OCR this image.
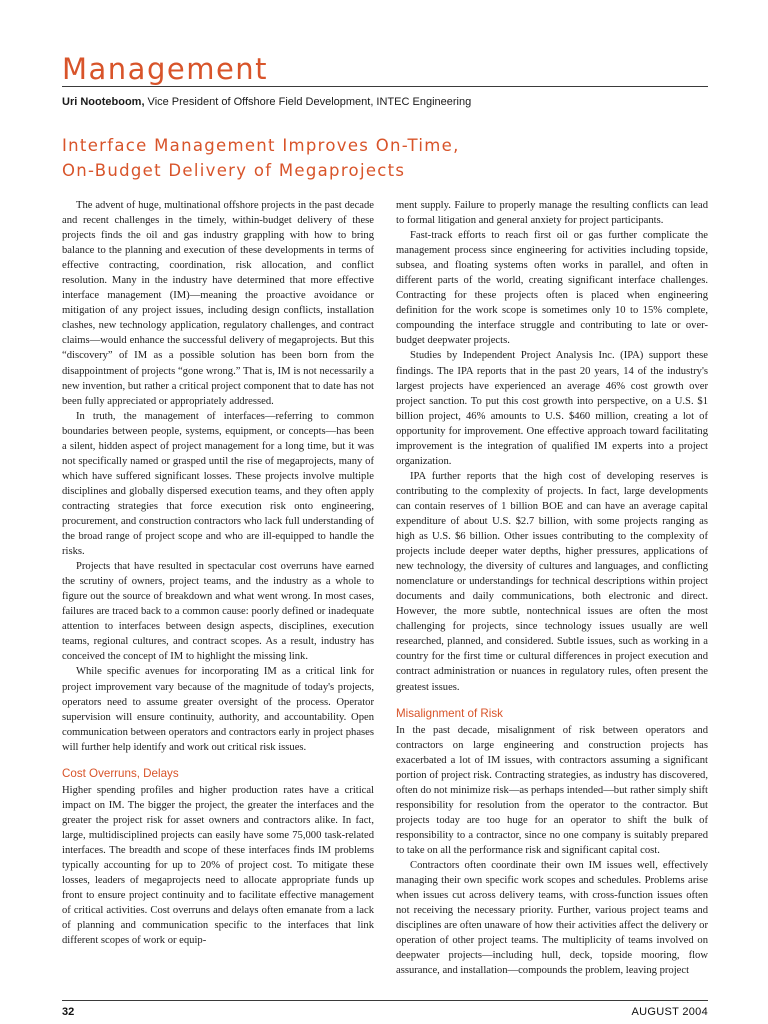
Management
Uri Nooteboom, Vice President of Offshore Field Development, INTEC Engineering
Interface Management Improves On-Time,
On-Budget Delivery of Megaprojects

The advent of huge, multinational offshore projects in the past decade and recent challenges in the timely, within-budget delivery of these projects finds the oil and gas industry grappling with how to bring balance to the planning and execution of these developments in terms of effective contracting, coordination, risk allocation, and conflict resolution. Many in the industry have determined that more effective interface management (IM)—meaning the proactive avoidance or mitigation of any project issues, including design conflicts, installation clashes, new technology application, regulatory challenges, and contract claims—would enhance the successful delivery of megaprojects. But this “discovery” of IM as a possible solution has been born from the disappointment of projects “gone wrong.” That is, IM is not necessarily a new invention, but rather a critical project component that to date has not been fully appreciated or appropriately addressed.

In truth, the management of interfaces—referring to common boundaries between people, systems, equipment, or concepts—has been a silent, hidden aspect of project management for a long time, but it was not specifically named or grasped until the rise of megaprojects, many of which have suffered significant losses. These projects involve multiple disciplines and globally dispersed execution teams, and they often apply contracting strategies that force execution risk onto engineering, procurement, and construction contractors who lack full understanding of the broad range of project scope and who are ill-equipped to handle the risks.

Projects that have resulted in spectacular cost overruns have earned the scrutiny of owners, project teams, and the industry as a whole to figure out the source of breakdown and what went wrong. In most cases, failures are traced back to a common cause: poorly defined or inadequate attention to interfaces between design aspects, disciplines, execution teams, regional cultures, and contract scopes. As a result, industry has conceived the concept of IM to highlight the missing link.

While specific avenues for incorporating IM as a critical link for project improvement vary because of the magnitude of today's projects, operators need to assume greater oversight of the process. Operator supervision will ensure continuity, authority, and accountability. Open communication between operators and contractors early in project phases will further help identify and work out critical risk issues.

Cost Overruns, Delays

Higher spending profiles and higher production rates have a critical impact on IM. The bigger the project, the greater the interfaces and the greater the project risk for asset owners and contractors alike. In fact, large, multidisciplined projects can easily have some 75,000 task-related interfaces. The breadth and scope of these interfaces finds IM problems typically accounting for up to 20% of project cost. To mitigate these losses, leaders of megaprojects need to allocate appropriate funds up front to ensure project continuity and to facilitate effective management of critical activities. Cost overruns and delays often emanate from a lack of planning and communication specific to the interfaces that link different scopes of work or equip-

ment supply. Failure to properly manage the resulting conflicts can lead to formal litigation and general anxiety for project participants.

Fast-track efforts to reach first oil or gas further complicate the management process since engineering for activities including topside, subsea, and floating systems often works in parallel, and often in different parts of the world, creating significant interface challenges. Contracting for these projects often is placed when engineering definition for the work scope is sometimes only 10 to 15% complete, compounding the interface struggle and contributing to late or over-budget deepwater projects.

Studies by Independent Project Analysis Inc. (IPA) support these findings. The IPA reports that in the past 20 years, 14 of the industry's largest projects have experienced an average 46% cost growth over project sanction. To put this cost growth into perspective, on a U.S. $1 billion project, 46% amounts to U.S. $460 million, creating a lot of opportunity for improvement. One effective approach toward facilitating improvement is the integration of qualified IM experts into a project organization.

IPA further reports that the high cost of developing reserves is contributing to the complexity of projects. In fact, large developments can contain reserves of 1 billion BOE and can have an average capital expenditure of about U.S. $2.7 billion, with some projects ranging as high as U.S. $6 billion. Other issues contributing to the complexity of projects include deeper water depths, higher pressures, applications of new technology, the diversity of cultures and languages, and conflicting nomenclature or understandings for technical descriptions within project documents and daily communications, both electronic and direct. However, the more subtle, nontechnical issues are often the most challenging for projects, since technology issues usually are well researched, planned, and considered. Subtle issues, such as working in a country for the first time or cultural differences in project execution and contract administration or nuances in regulatory rules, often present the greatest issues.

Misalignment of Risk

In the past decade, misalignment of risk between operators and contractors on large engineering and construction projects has exacerbated a lot of IM issues, with contractors assuming a significant portion of project risk. Contracting strategies, as industry has discovered, often do not minimize risk—as perhaps intended—but rather simply shift responsibility for resolution from the operator to the contractor. But projects today are too huge for an operator to shift the bulk of responsibility to a contractor, since no one company is suitably prepared to take on all the performance risk and significant capital cost.

Contractors often coordinate their own IM issues well, effectively managing their own specific work scopes and schedules. Problems arise when issues cut across delivery teams, with cross-function issues often not receiving the necessary priority. Further, various project teams and disciplines are often unaware of how their activities affect the delivery or operation of other project teams. The multiplicity of teams involved on deepwater projects—including hull, deck, topside mooring, flow assurance, and installation—compounds the problem, leaving project

32	AUGUST 2004
